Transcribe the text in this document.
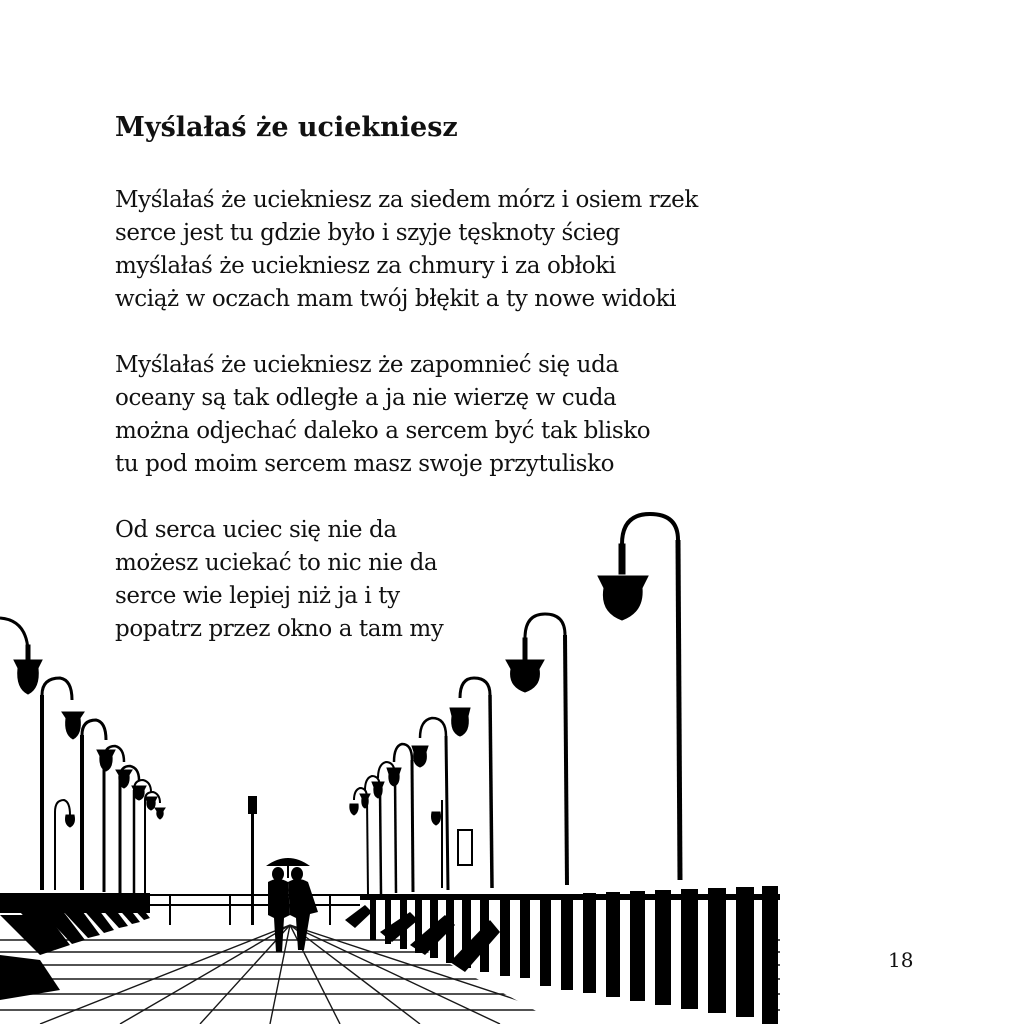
Myślałaś że uciekniesz
Myślałaś że uciekniesz za siedem mórz i osiem rzek
serce jest tu gdzie było i szyje tęsknoty ścieg
myślałaś że uciekniesz za chmury i za obłoki
wciąż w oczach mam twój błękit a ty nowe widoki
Myślałaś że uciekniesz że zapomnieć się uda
oceany są tak odległe a ja nie wierzę w cuda
można odjechać daleko a sercem być tak blisko
tu pod moim sercem masz swoje przytulisko
Od serca uciec się nie da
możesz uciekać to nic nie da
serce wie lepiej niż ja i ty
popatrz przez okno a tam my
18
